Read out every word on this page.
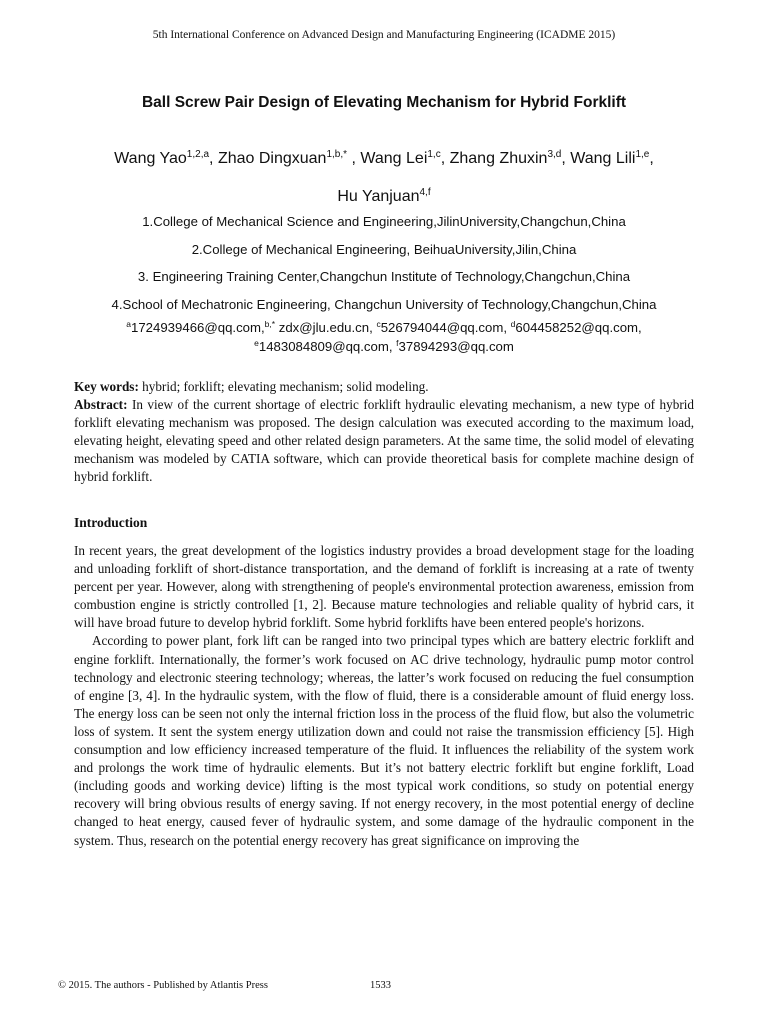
5th International Conference on Advanced Design and Manufacturing Engineering (ICADME 2015)
Ball Screw Pair Design of Elevating Mechanism for Hybrid Forklift
Wang Yao$^{1,2,a}$, Zhao Dingxuan$^{1,b,*}$ , Wang Lei$^{1,c}$, Zhang Zhuxin$^{3,d}$, Wang Lili$^{1,e}$,
Hu Yanjuan$^{4,f}$
1.College of Mechanical Science and Engineering,JilinUniversity,Changchun,China
2.College of Mechanical Engineering, BeihuaUniversity,Jilin,China
3. Engineering Training Center,Changchun Institute of Technology,Changchun,China
4.School of Mechatronic Engineering, Changchun University of Technology,Changchun,China
$^a$1724939466@qq.com,$^{b,*}$ zdx@jlu.edu.cn, $^c$526794044@qq.com, $^d$604458252@qq.com,
$^e$1483084809@qq.com, $^f$37894293@qq.com
Key words: hybrid; forklift; elevating mechanism; solid modeling.
Abstract: In view of the current shortage of electric forklift hydraulic elevating mechanism, a new type of hybrid forklift elevating mechanism was proposed. The design calculation was executed according to the maximum load, elevating height, elevating speed and other related design parameters. At the same time, the solid model of elevating mechanism was modeled by CATIA software, which can provide theoretical basis for complete machine design of hybrid forklift.
Introduction

In recent years, the great development of the logistics industry provides a broad development stage for the loading and unloading forklift of short-distance transportation, and the demand of forklift is increasing at a rate of twenty percent per year. However, along with strengthening of people's environmental protection awareness, emission from combustion engine is strictly controlled [1, 2]. Because mature technologies and reliable quality of hybrid cars, it will have broad future to develop hybrid forklift. Some hybrid forklifts have been entered people's horizons.

According to power plant, fork lift can be ranged into two principal types which are battery electric forklift and engine forklift. Internationally, the former’s work focused on AC drive technology, hydraulic pump motor control technology and electronic steering technology; whereas, the latter’s work focused on reducing the fuel consumption of engine [3, 4]. In the hydraulic system, with the flow of fluid, there is a considerable amount of fluid energy loss. The energy loss can be seen not only the internal friction loss in the process of the fluid flow, but also the volumetric loss of system. It sent the system energy utilization down and could not raise the transmission efficiency [5]. High consumption and low efficiency increased temperature of the fluid. It influences the reliability of the system work and prolongs the work time of hydraulic elements. But it’s not battery electric forklift but engine forklift, Load (including goods and working device) lifting is the most typical work conditions, so study on potential energy recovery will bring obvious results of energy saving. If not energy recovery, in the most potential energy of decline changed to heat energy, caused fever of hydraulic system, and some damage of the hydraulic component in the system. Thus, research on the potential energy recovery has great significance on improving the

© 2015. The authors - Published by Atlantis Press	1533
